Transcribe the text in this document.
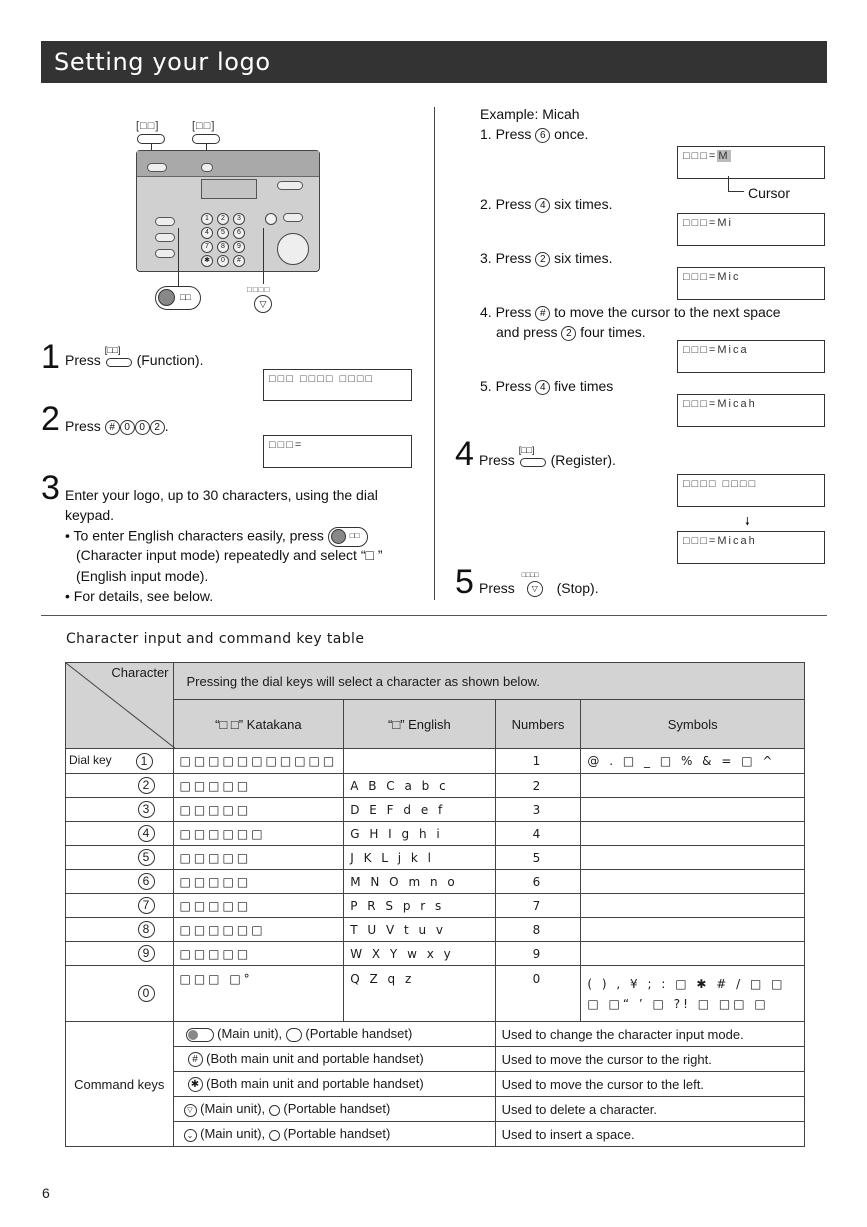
Setting your logo
[□□]	[□□]
1	2	3
4	5	6
7	8	9
✱	0	#
□□
□□□□
▽
1 Press
[□□]
(Function).
□□□ □□□□ □□□□
2 Press # 0 0 2 .
□□□=
3 Enter your logo, up to 30 characters, using the dial
keypad.
• To enter English characters easily, press	□□
(Character input mode) repeatedly and select “□ ”
(English input mode).
• For details, see below.
Example: Micah
1. Press 6 once.
□□□=M
Cursor
2. Press 4 six times.
□□□=Mi
3. Press 2 six times.
□□□=Mic
4. Press # to move the cursor to the next space
and press 2 four times.
□□□=Mica
5. Press 4 five times
□□□=Micah
4 Press
[□□]
(Register).
□□□□ □□□□
🠗
□□□=Micah
5 Press
□□□□
▽	(Stop).
Character input and command key table
Character	Pressing the dial keys will select a character as shown below.			
	“□ □” Katakana	“□” English	Numbers	Symbols
Dial key 1	□□□□□□□□□□□		1	@ . □ _ □ % & = □ ^
2	□□□□□	A B C a b c	2	
3	□□□□□	D E F d e f	3	
4	□□□□□□	G H I g h i	4	
5	□□□□□	J K L j k l	5	
6	□□□□□	M N O m n o	6	
7	□□□□□	P R S p r s	7	
8	□□□□□□	T U V t u v	8	
9	□□□□□	W X Y w x y	9	
0	□□□ □°	Q Z q z	0	( ) , ¥ ; : □ ✱ # / □ □
□ □“ ’ □ ?! □ □□ □

Command keys	(Main unit), (Portable handset)		Used to change the character input mode.	
	# (Both main unit and portable handset)		Used to move the cursor to the right.	
	✱ (Both main unit and portable handset)		Used to move the cursor to the left.	
	▽ (Main unit), (Portable handset)		Used to delete a character.	
	⌄ (Main unit), (Portable handset)		Used to insert a space.	
6
